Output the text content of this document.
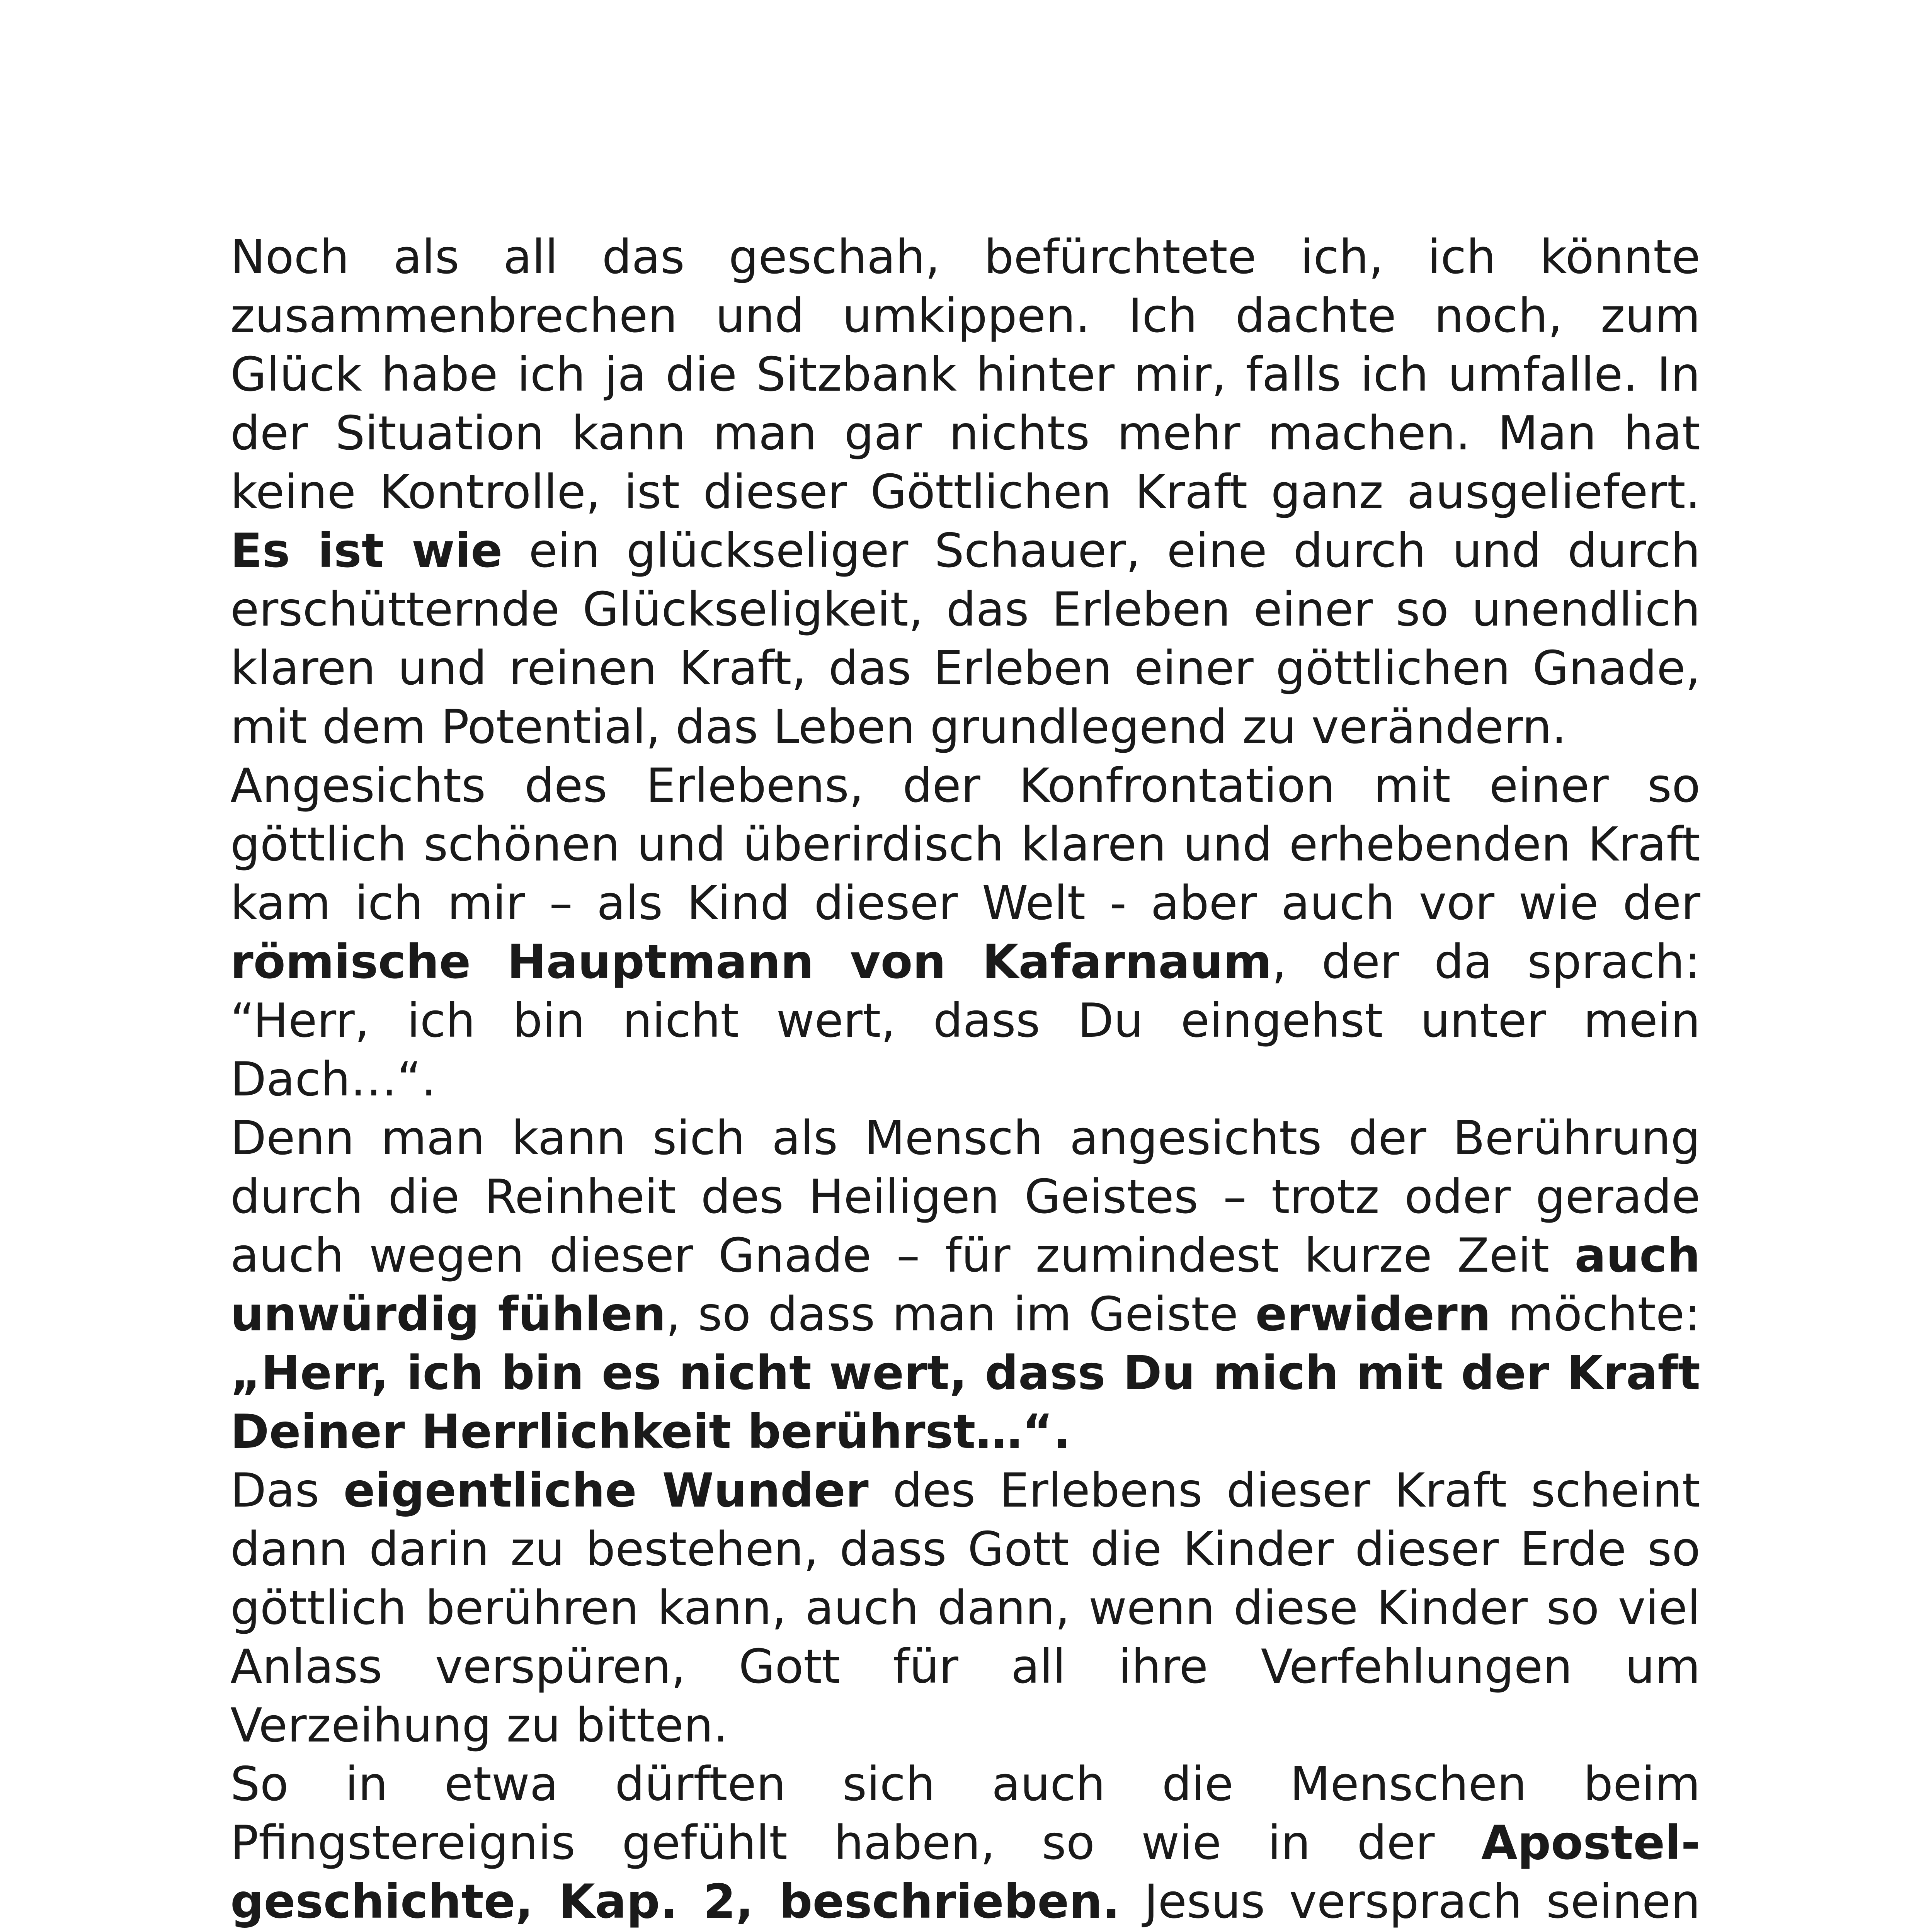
Noch als all das geschah, befürchtete ich, ich könnte zusammenbrechen und umkippen. Ich dachte noch, zum Glück habe ich ja die Sitzbank hinter mir, falls ich umfalle. In der Situation kann man gar nichts mehr machen. Man hat keine Kontrolle, ist dieser Göttlichen Kraft ganz ausgeliefert. Es ist wie ein glückseliger Schauer, eine durch und durch erschütternde Glückseligkeit, das Erleben einer so unendlich klaren und reinen Kraft, das Erleben einer göttlichen Gnade, mit dem Potential, das Leben grundlegend zu verändern.

Angesichts des Erlebens, der Konfrontation mit einer so göttlich schönen und überirdisch klaren und erhebenden Kraft kam ich mir – als Kind dieser Welt - aber auch vor wie der römische Hauptmann von Kafarnaum, der da sprach: “Herr, ich bin nicht wert, dass Du eingehst unter mein Dach…“.

Denn man kann sich als Mensch angesichts der Berührung durch die Reinheit des Heiligen Geistes – trotz oder gerade auch wegen dieser Gnade – für zumindest kurze Zeit auch unwürdig fühlen, so dass man im Geiste erwidern möchte: „Herr, ich bin es nicht wert, dass Du mich mit der Kraft Deiner Herrlichkeit berührst…“.

Das eigentliche Wunder des Erlebens dieser Kraft scheint dann darin zu bestehen, dass Gott die Kinder dieser Erde so göttlich berühren kann, auch dann, wenn diese Kinder so viel Anlass verspüren, Gott für all ihre Verfehlungen um Verzeihung zu bitten.

So in etwa dürften sich auch die Menschen beim Pfingstereignis gefühlt haben, so wie in der Apostel-geschichte, Kap. 2, beschrieben. Jesus versprach seinen
